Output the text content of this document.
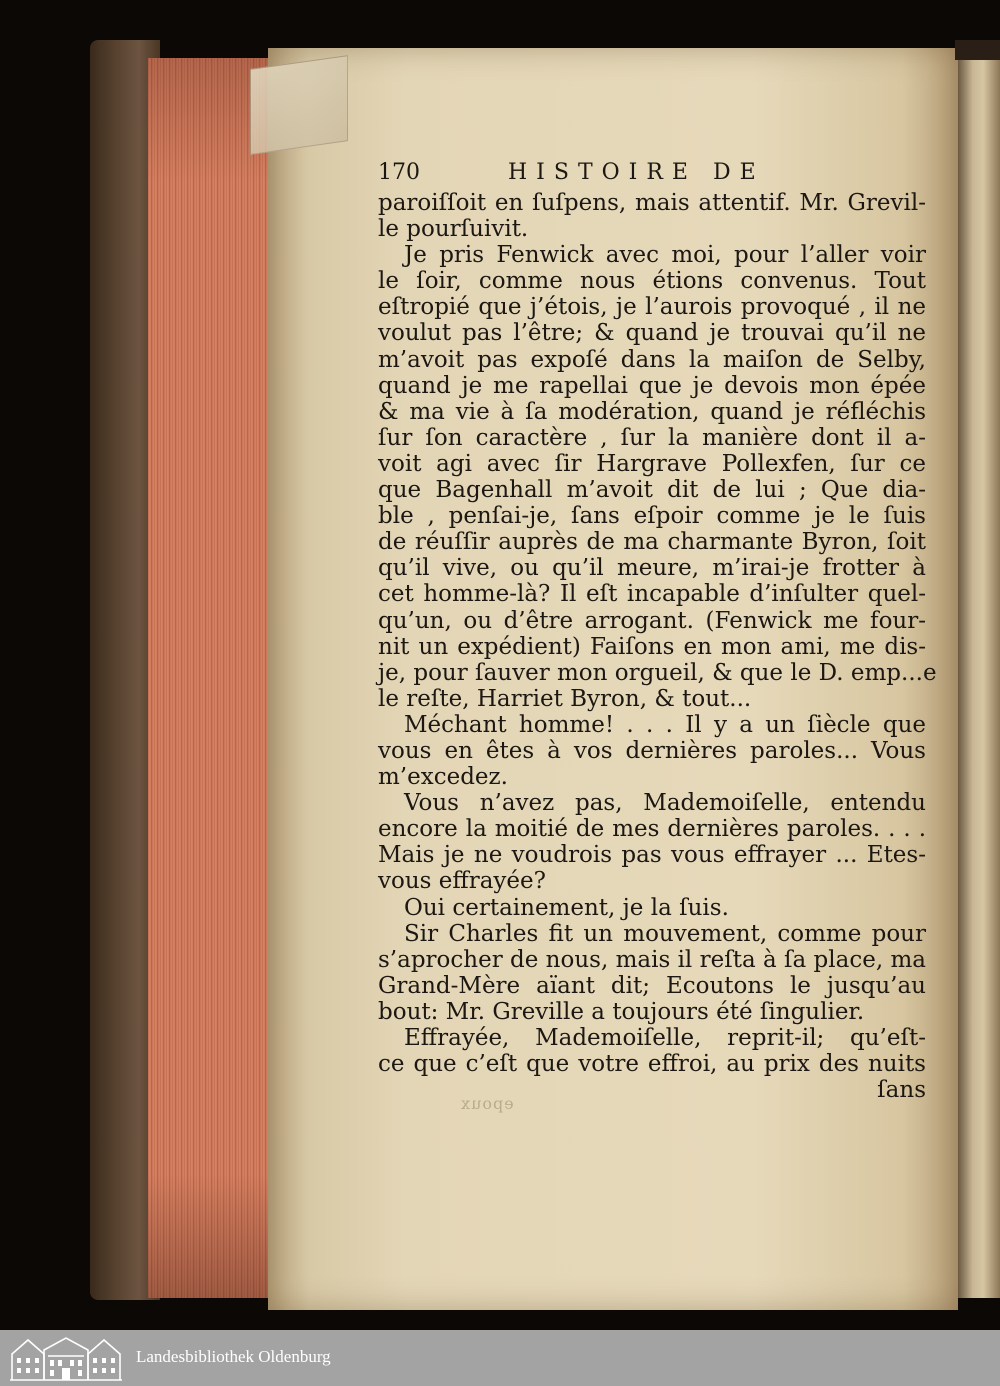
170	HISTOIRE DE
paroiſſoit en ſuſpens, mais attentif. Mr. Grevil-
le pourſuivit.
Je pris Fenwick avec moi, pour l’aller voir
le ſoir, comme nous étions convenus. Tout
eſtropié que j’étois, je l’aurois provoqué , il ne
voulut pas l’être; & quand je trouvai qu’il ne
m’avoit pas expoſé dans la maiſon de Selby,
quand je me rapellai que je devois mon épée
& ma vie à ſa modération, quand je réfléchis
ſur ſon caractère , ſur la manière dont il a-
voit agi avec ſir Hargrave Pollexfen, ſur ce
que Bagenhall m’avoit dit de lui ; Que dia-
ble , penſai-je, ſans eſpoir comme je le ſuis
de réuſſir auprès de ma charmante Byron, ſoit
qu’il vive, ou qu’il meure, m’irai-je frotter à
cet homme-là? Il eſt incapable d’inſulter quel-
qu’un, ou d’être arrogant. (Fenwick me four-
nit un expédient) Faiſons en mon ami, me dis-
je, pour ſauver mon orgueil, & que le D. emp...e
le reſte, Harriet Byron, & tout...
Méchant homme! . . . Il y a un ſiècle que
vous en êtes à vos dernières paroles... Vous
m’excedez.
Vous n’avez pas, Mademoiſelle, entendu
encore la moitié de mes dernières paroles. . . .
Mais je ne voudrois pas vous effrayer ... Etes-
vous effrayée?
Oui certainement, je la ſuis.
Sir Charles fit un mouvement, comme pour
s’aprocher de nous, mais il reſta à ſa place, ma
Grand-Mère aïant dit; Ecoutons le jusqu’au
bout: Mr. Greville a toujours été ſingulier.
Effrayée, Mademoiſelle, reprit-il; qu’eſt-
ce que c’eſt que votre effroi, au prix des nuits
ſans
epoux
Landesbibliothek Oldenburg
